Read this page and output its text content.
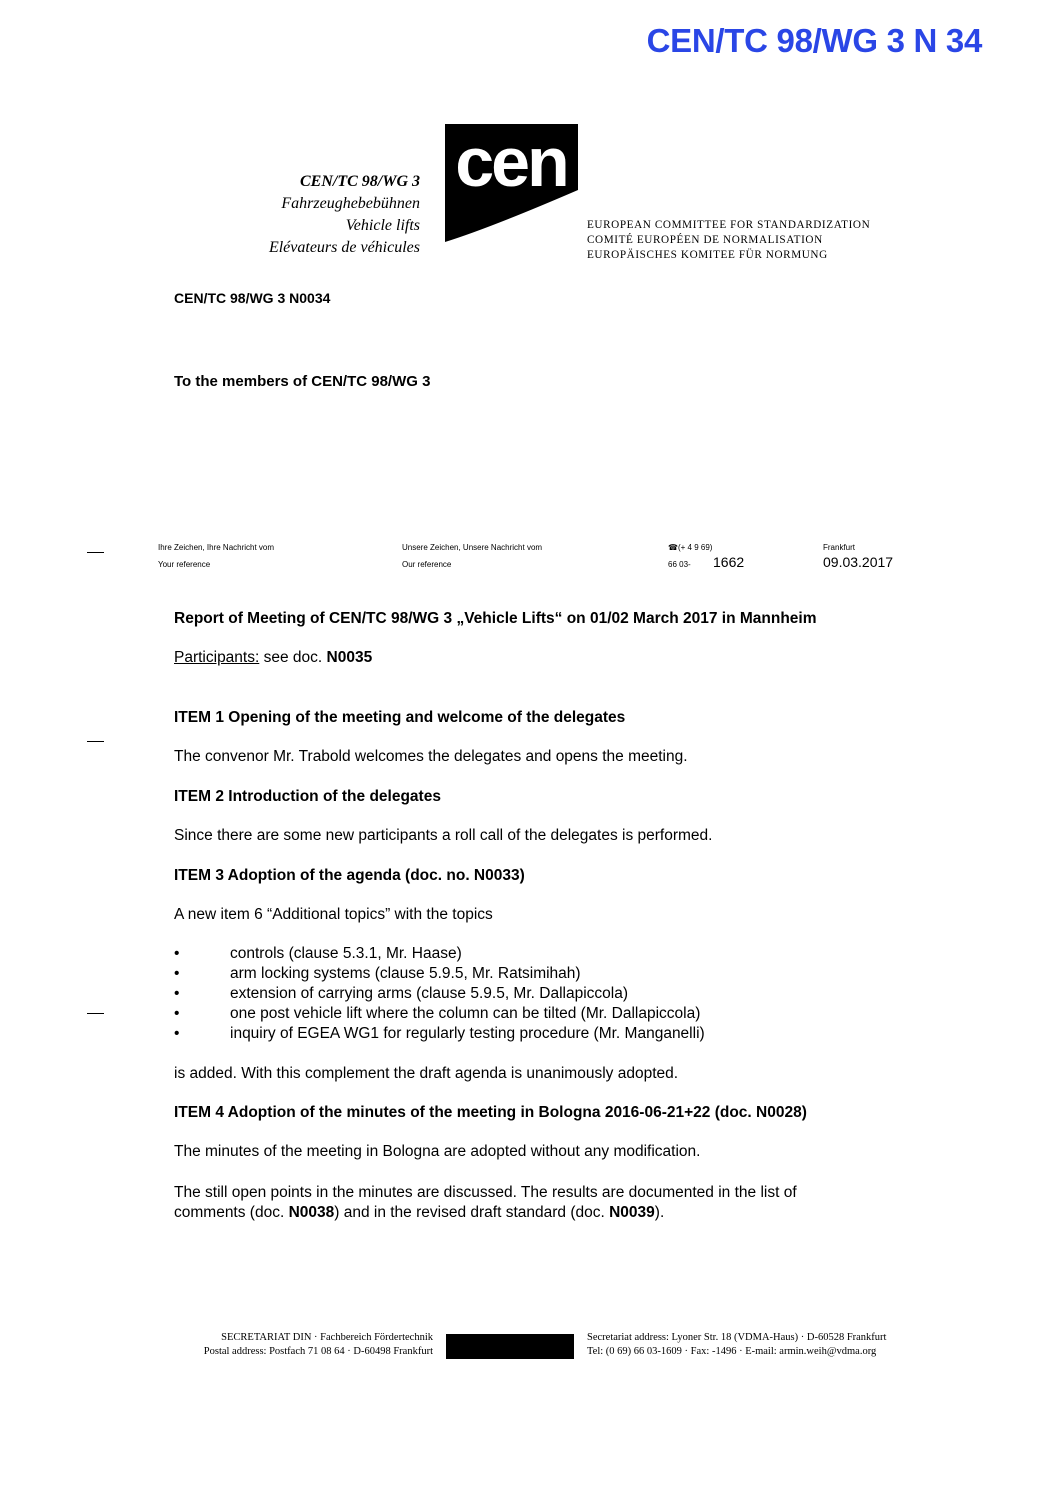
CEN/TC 98/WG 3 N 34
CEN/TC 98/WG 3
Fahrzeughebebühnen
Vehicle lifts
Elévateurs de véhicules
cen
EUROPEAN COMMITTEE FOR STANDARDIZATION
COMITÉ EUROPÉEN DE NORMALISATION
EUROPÄISCHES KOMITEE FÜR NORMUNG
CEN/TC 98/WG 3 N0034
To the members of CEN/TC 98/WG 3
Ihre Zeichen, Ihre Nachricht vom
Your reference
Unsere Zeichen, Unsere Nachricht vom
Our reference
☎(+ 4 9 69)
66 03- 1662
Frankfurt
09.03.2017
Report of Meeting of CEN/TC 98/WG 3 „Vehicle Lifts“ on 01/02 March 2017 in Mannheim
Participants: see doc. N0035
ITEM 1 Opening of the meeting and welcome of the delegates
The convenor Mr. Trabold welcomes the delegates and opens the meeting.
ITEM 2 Introduction of the delegates
Since there are some new participants a roll call of the delegates is performed.
ITEM 3 Adoption of the agenda (doc. no. N0033)
A new item 6 “Additional topics” with the topics
•	controls (clause 5.3.1, Mr. Haase)
•	arm locking systems (clause 5.9.5, Mr. Ratsimihah)
•	extension of carrying arms (clause 5.9.5, Mr. Dallapiccola)
•	one post vehicle lift where the column can be tilted (Mr. Dallapiccola)
•	inquiry of EGEA WG1 for regularly testing procedure (Mr. Manganelli)
is added. With this complement the draft agenda is unanimously adopted.
ITEM 4 Adoption of the minutes of the meeting in Bologna 2016-06-21+22 (doc. N0028)
The minutes of the meeting in Bologna are adopted without any modification.
The still open points in the minutes are discussed. The results are documented in the list of
comments (doc. N0038) and in the revised draft standard (doc. N0039).
SECRETARIAT DIN · Fachbereich Fördertechnik
Postal address: Postfach 71 08 64 · D-60498 Frankfurt
Secretariat address: Lyoner Str. 18 (VDMA-Haus) · D-60528 Frankfurt
Tel: (0 69) 66 03-1609 · Fax: -1496 · E-mail: armin.weih@vdma.org
